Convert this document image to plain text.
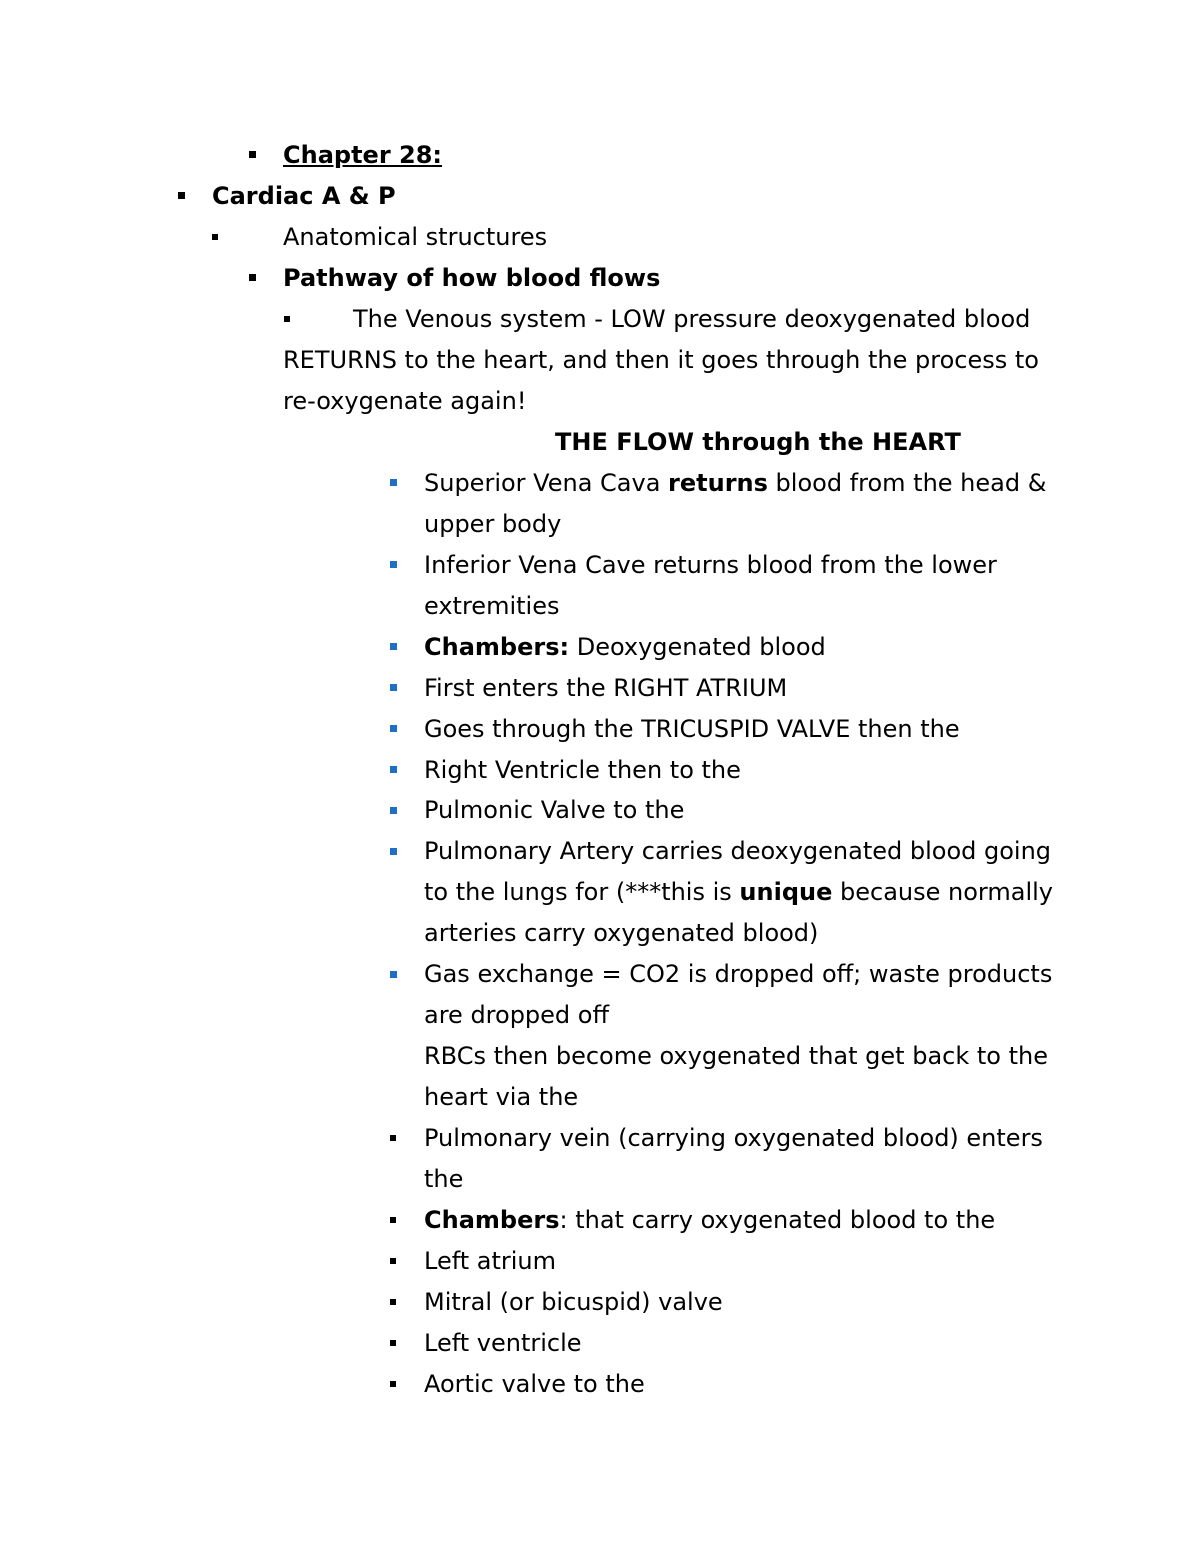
Chapter 28:
Cardiac A & P
Anatomical structures
Pathway of how blood flows
The Venous system - LOW pressure deoxygenated blood
RETURNS to the heart, and then it goes through the process to
re-oxygenate again!
THE FLOW through the HEART
Superior Vena Cava returns blood from the head &
upper body
Inferior Vena Cave returns blood from the lower
extremities
Chambers: Deoxygenated blood
First enters the RIGHT ATRIUM
Goes through the TRICUSPID VALVE then the
Right Ventricle then to the
Pulmonic Valve to the
Pulmonary Artery carries deoxygenated blood going
to the lungs for (***this is unique because normally
arteries carry oxygenated blood)
Gas exchange = CO2 is dropped off; waste products
are dropped off
RBCs then become oxygenated that get back to the
heart via the
Pulmonary vein (carrying oxygenated blood) enters
the
Chambers: that carry oxygenated blood to the
Left atrium
Mitral (or bicuspid) valve
Left ventricle
Aortic valve to the
